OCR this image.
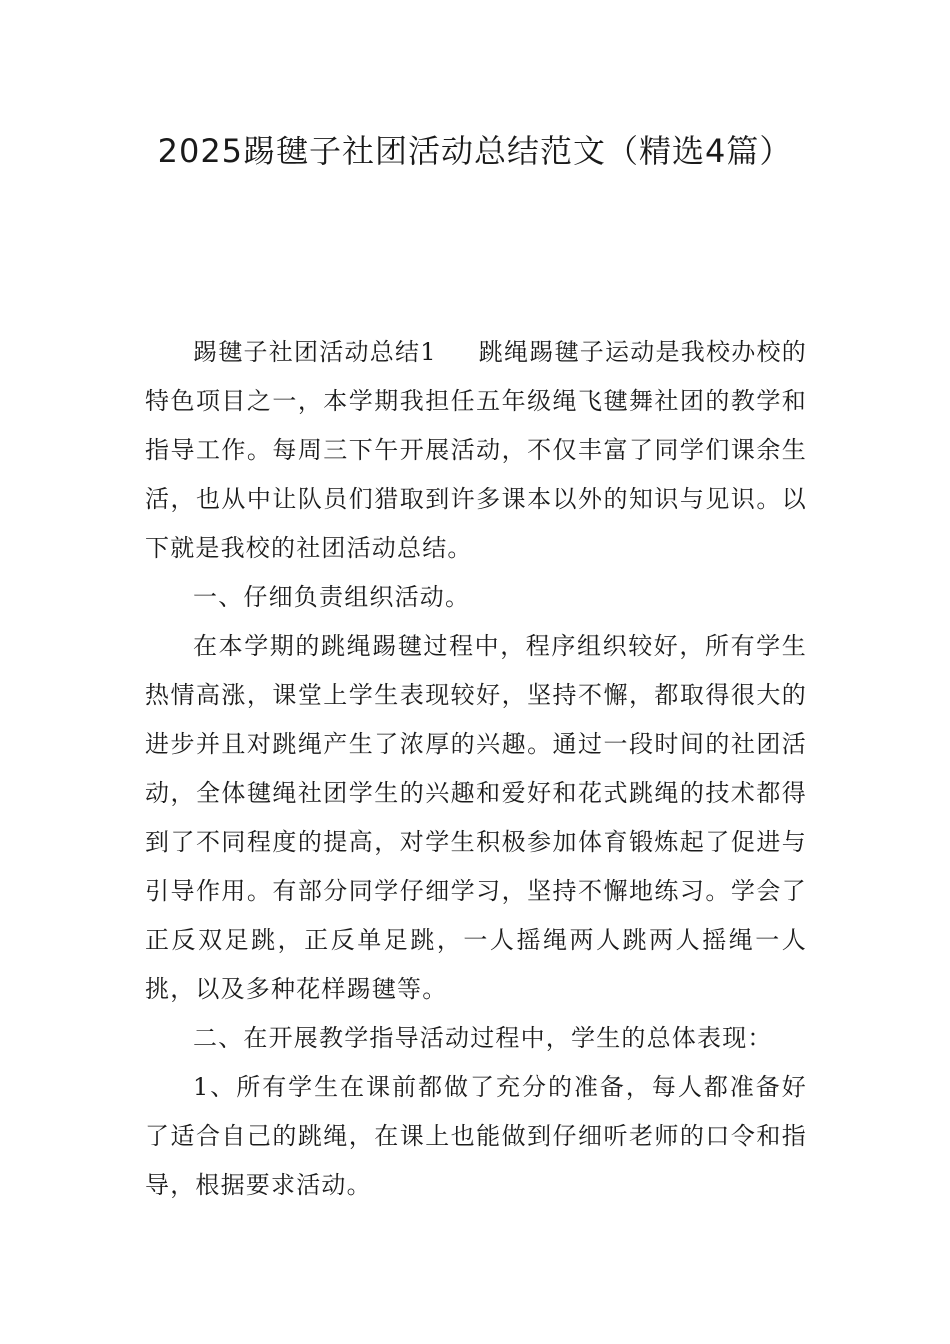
2025踢毽子社团活动总结范文（精选4篇）

踢毽子社团活动总结1 跳绳踢毽子运动是我校办校的特色项目之一，本学期我担任五年级绳飞毽舞社团的教学和指导工作。每周三下午开展活动，不仅丰富了同学们课余生活，也从中让队员们猎取到许多课本以外的知识与见识。以下就是我校的社团活动总结。

一、仔细负责组织活动。

在本学期的跳绳踢毽过程中，程序组织较好，所有学生热情高涨，课堂上学生表现较好，坚持不懈，都取得很大的进步并且对跳绳产生了浓厚的兴趣。通过一段时间的社团活动，全体毽绳社团学生的兴趣和爱好和花式跳绳的技术都得到了不同程度的提高，对学生积极参加体育锻炼起了促进与引导作用。有部分同学仔细学习，坚持不懈地练习。学会了正反双足跳，正反单足跳，一人摇绳两人跳两人摇绳一人挑，以及多种花样踢毽等。

二、在开展教学指导活动过程中，学生的总体表现：

1、所有学生在课前都做了充分的准备，每人都准备好了适合自己的跳绳，在课上也能做到仔细听老师的口令和指导，根据要求活动。
